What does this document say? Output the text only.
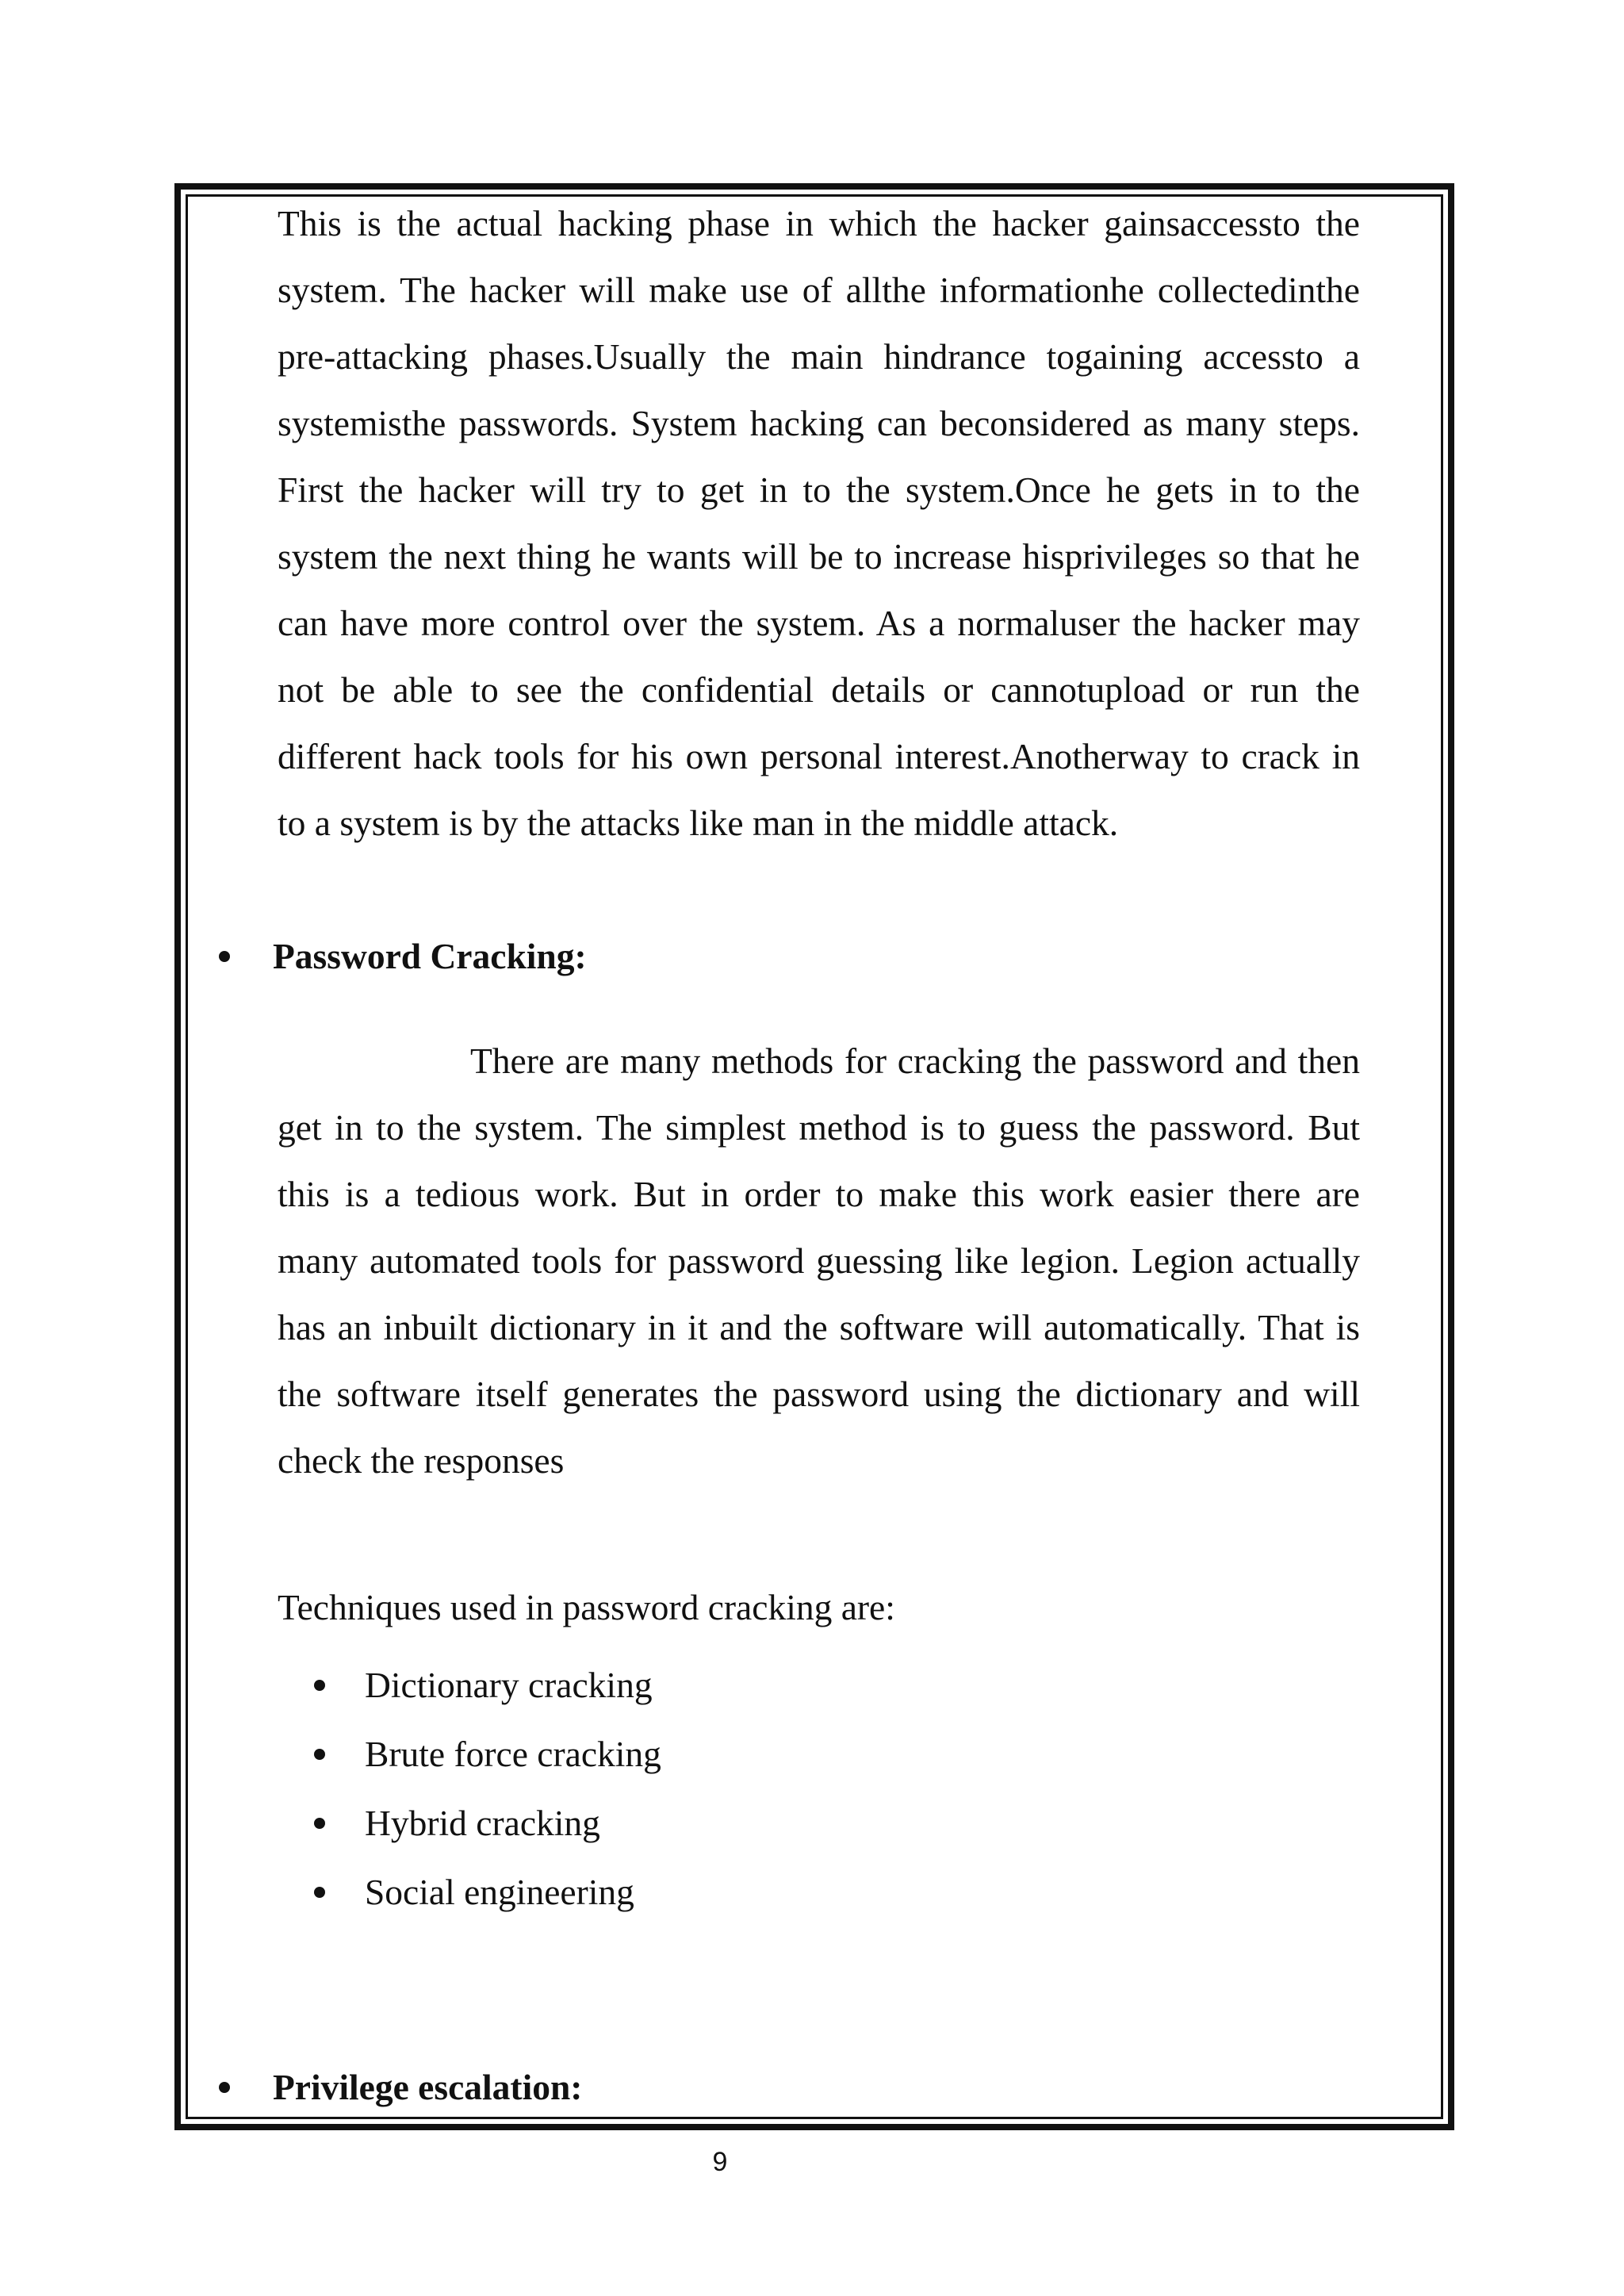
This is the actual hacking phase in which the hacker gainsaccessto the system. The hacker will make use of allthe informationhe collectedinthe pre-attacking phases.Usually the main hindrance togaining accessto a systemisthe passwords. System hacking can beconsidered as many steps. First the hacker will try to get in to the system.Once he gets in to the system the next thing he wants will be to increase hisprivileges so that he can have more control over the system. As a normaluser the hacker may not be able to see the confidential details or cannotupload or run the different hack tools for his own personal interest.Anotherway to crack in to a system is by the attacks like man in the middle attack.

Password Cracking:

There are many methods for cracking the password and then get in to the system. The simplest method is to guess the password. But this is a tedious work. But in order to make this work easier there are many automated tools for password guessing like legion. Legion actually has an inbuilt dictionary in it and the software will automatically. That is the software itself generates the password using the dictionary and will check the responses

Techniques used in password cracking are:

Dictionary cracking
Brute force cracking
Hybrid cracking
Social engineering
Privilege escalation:
9
